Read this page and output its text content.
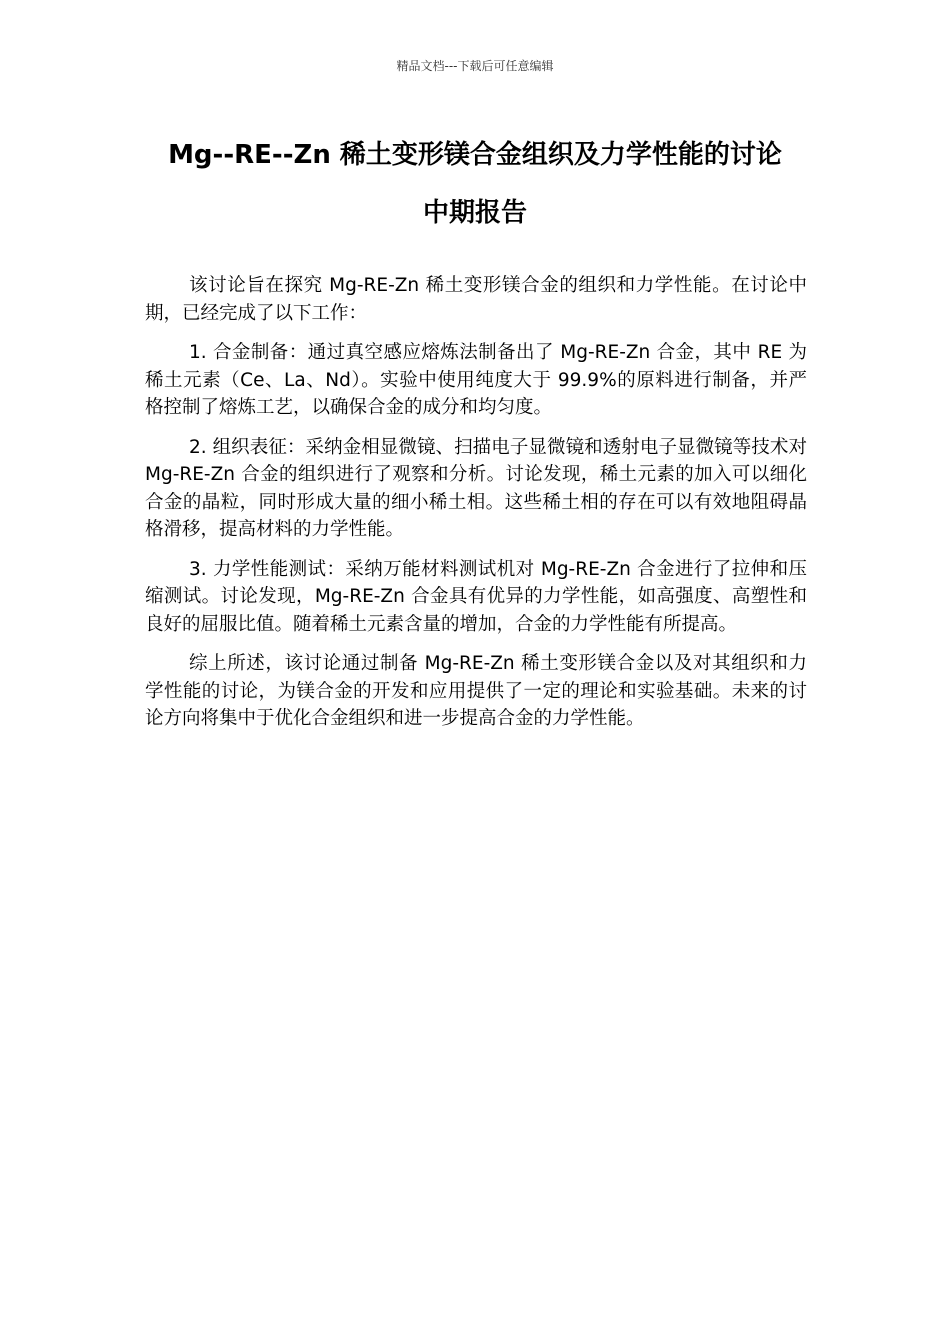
精品文档---下载后可任意编辑
Mg--RE--Zn 稀土变形镁合金组织及力学性能的讨论
中期报告

该讨论旨在探究 Mg-RE-Zn 稀土变形镁合金的组织和力学性能。在讨论中期，已经完成了以下工作：

1. 合金制备：通过真空感应熔炼法制备出了 Mg-RE-Zn 合金，其中 RE 为稀土元素（Ce、La、Nd）。实验中使用纯度大于 99.9%的原料进行制备，并严格控制了熔炼工艺，以确保合金的成分和均匀度。

2. 组织表征：采纳金相显微镜、扫描电子显微镜和透射电子显微镜等技术对 Mg-RE-Zn 合金的组织进行了观察和分析。讨论发现，稀土元素的加入可以细化合金的晶粒，同时形成大量的细小稀土相。这些稀土相的存在可以有效地阻碍晶格滑移，提高材料的力学性能。

3. 力学性能测试：采纳万能材料测试机对 Mg-RE-Zn 合金进行了拉伸和压缩测试。讨论发现，Mg-RE-Zn 合金具有优异的力学性能，如高强度、高塑性和良好的屈服比值。随着稀土元素含量的增加，合金的力学性能有所提高。

综上所述，该讨论通过制备 Mg-RE-Zn 稀土变形镁合金以及对其组织和力学性能的讨论，为镁合金的开发和应用提供了一定的理论和实验基础。未来的讨论方向将集中于优化合金组织和进一步提高合金的力学性能。
